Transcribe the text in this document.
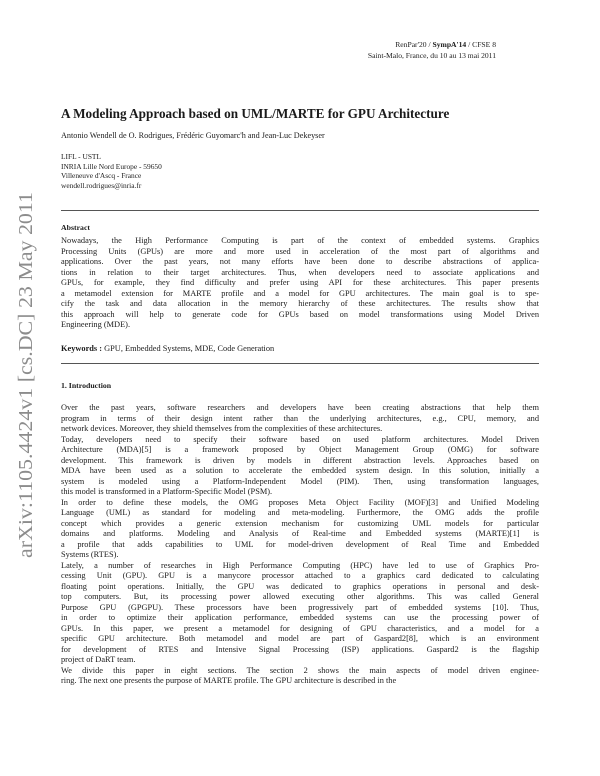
arXiv:1105.4424v1 [cs.DC] 23 May 2011
RenPar'20 / SympA'14 / CFSE 8
Saint-Malo, France, du 10 au 13 mai 2011
A Modeling Approach based on UML/MARTE for GPU Architecture
Antonio Wendell de O. Rodrigues, Frédéric Guyomarc'h and Jean-Luc Dekeyser
LIFL - USTL
INRIA Lille Nord Europe - 59650
Villeneuve d'Ascq - France
wendell.rodrigues@inria.fr
Abstract
Nowadays, the High Performance Computing is part of the context of embedded systems. Graphics
Processing Units (GPUs) are more and more used in acceleration of the most part of algorithms and
applications. Over the past years, not many efforts have been done to describe abstractions of applica-
tions in relation to their target architectures. Thus, when developers need to associate applications and
GPUs, for example, they find difficulty and prefer using API for these architectures. This paper presents
a metamodel extension for MARTE profile and a model for GPU architectures. The main goal is to spe-
cify the task and data allocation in the memory hierarchy of these architectures. The results show that
this approach will help to generate code for GPUs based on model transformations using Model Driven
Engineering (MDE).
Keywords : GPU, Embedded Systems, MDE, Code Generation
1. Introduction
Over the past years, software researchers and developers have been creating abstractions that help them
program in terms of their design intent rather than the underlying architectures, e.g., CPU, memory, and
network devices. Moreover, they shield themselves from the complexities of these architectures.
Today, developers need to specify their software based on used platform architectures. Model Driven
Architecture (MDA)[5] is a framework proposed by Object Management Group (OMG) for software
development. This framework is driven by models in different abstraction levels. Approaches based on
MDA have been used as a solution to accelerate the embedded system design. In this solution, initially a
system is modeled using a Platform-Independent Model (PIM). Then, using transformation languages,
this model is transformed in a Platform-Specific Model (PSM).
In order to define these models, the OMG proposes Meta Object Facility (MOF)[3] and Unified Modeling
Language (UML) as standard for modeling and meta-modeling. Furthermore, the OMG adds the profile
concept which provides a generic extension mechanism for customizing UML models for particular
domains and platforms. Modeling and Analysis of Real-time and Embedded systems (MARTE)[1] is
a profile that adds capabilities to UML for model-driven development of Real Time and Embedded
Systems (RTES).
Lately, a number of researches in High Performance Computing (HPC) have led to use of Graphics Pro-
cessing Unit (GPU). GPU is a manycore processor attached to a graphics card dedicated to calculating
floating point operations. Initially, the GPU was dedicated to graphics operations in personal and desk-
top computers. But, its processing power allowed executing other algorithms. This was called General
Purpose GPU (GPGPU). These processors have been progressively part of embedded systems [10]. Thus,
in order to optimize their application performance, embedded systems can use the processing power of
GPUs. In this paper, we present a metamodel for designing of GPU characteristics, and a model for a
specific GPU architecture. Both metamodel and model are part of Gaspard2[8], which is an environment
for development of RTES and Intensive Signal Processing (ISP) applications. Gaspard2 is the flagship
project of DaRT team.
We divide this paper in eight sections. The section 2 shows the main aspects of model driven enginee-
ring. The next one presents the purpose of MARTE profile. The GPU architecture is described in the
